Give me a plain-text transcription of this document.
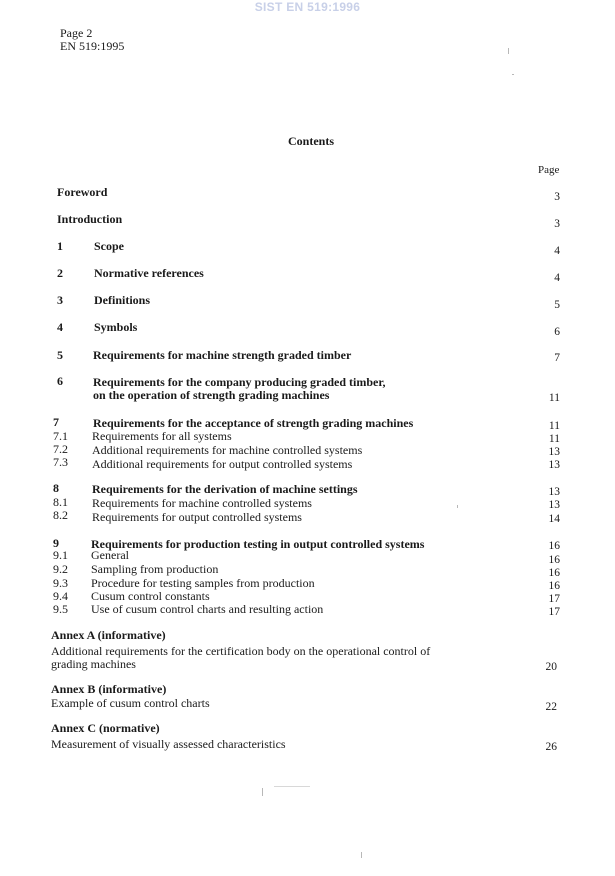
SIST EN 519:1996
Page 2
EN 519:1995
Contents
Page
Foreword	3
Introduction	3
1	Scope	4
2	Normative references	4
3	Definitions	5
4	Symbols	6
5	Requirements for machine strength graded timber	7
6	Requirements for the company producing graded timber,
on the operation of strength grading machines	11
7	Requirements for the acceptance of strength grading machines	11
7.1 Requirements for all systems	11
7.2 Additional requirements for machine controlled systems	13
7.3 Additional requirements for output controlled systems	13
8	Requirements for the derivation of machine settings	13
8.1 Requirements for machine controlled systems	13
8.2 Requirements for output controlled systems	14
9	Requirements for production testing in output controlled systems	16
9.1 General	16
9.2 Sampling from production	16
9.3 Procedure for testing samples from production	16
9.4 Cusum control constants	17
9.5 Use of cusum control charts and resulting action	17
Annex A (informative)
Additional requirements for the certification body on the operational control of
grading machines	20
Annex B (informative)
Example of cusum control charts	22
Annex C (normative)
Measurement of visually assessed characteristics	26
